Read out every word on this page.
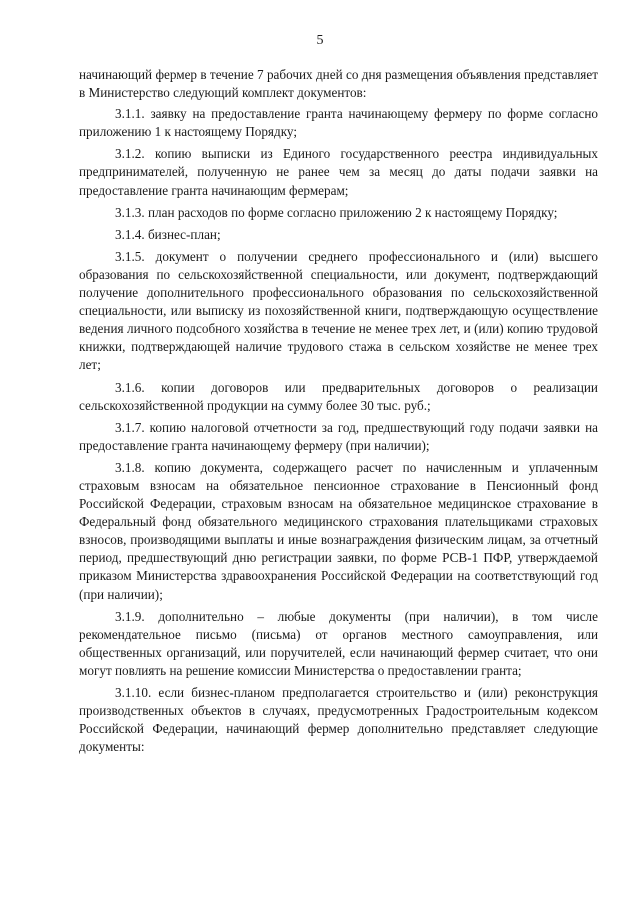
5

начинающий фермер в течение 7 рабочих дней со дня размещения объявления представляет в Министерство следующий комплект документов:

3.1.1. заявку на предоставление гранта начинающему фермеру по форме согласно приложению 1 к настоящему Порядку;

3.1.2. копию выписки из Единого государственного реестра индивидуальных предпринимателей, полученную не ранее чем за месяц до даты подачи заявки на предоставление гранта начинающим фермерам;

3.1.3. план расходов по форме согласно приложению 2 к настоящему Порядку;

3.1.4. бизнес-план;

3.1.5. документ о получении среднего профессионального и (или) высшего образования по сельскохозяйственной специальности, или документ, подтверждающий получение дополнительного профессионального образования по сельскохозяйственной специальности, или выписку из похозяйственной книги, подтверждающую осуществление ведения личного подсобного хозяйства в течение не менее трех лет, и (или) копию трудовой книжки, подтверждающей наличие трудового стажа в сельском хозяйстве не менее трех лет;

3.1.6. копии договоров или предварительных договоров о реализации сельскохозяйственной продукции на сумму более 30 тыс. руб.;

3.1.7. копию налоговой отчетности за год, предшествующий году подачи заявки на предоставление гранта начинающему фермеру (при наличии);

3.1.8. копию документа, содержащего расчет по начисленным и уплаченным страховым взносам на обязательное пенсионное страхование в Пенсионный фонд Российской Федерации, страховым взносам на обязательное медицинское страхование в Федеральный фонд обязательного медицинского страхования плательщиками страховых взносов, производящими выплаты и иные вознаграждения физическим лицам, за отчетный период, предшествующий дню регистрации заявки, по форме РСВ-1 ПФР, утверждаемой приказом Министерства здравоохранения Российской Федерации на соответствующий год (при наличии);

3.1.9. дополнительно – любые документы (при наличии), в том числе рекомендательное письмо (письма) от органов местного самоуправления, или общественных организаций, или поручителей, если начинающий фермер считает, что они могут повлиять на решение комиссии Министерства о предоставлении гранта;

3.1.10. если бизнес-планом предполагается строительство и (или) реконструкция производственных объектов в случаях, предусмотренных Градостроительным кодексом Российской Федерации, начинающий фермер дополнительно представляет следующие документы:
